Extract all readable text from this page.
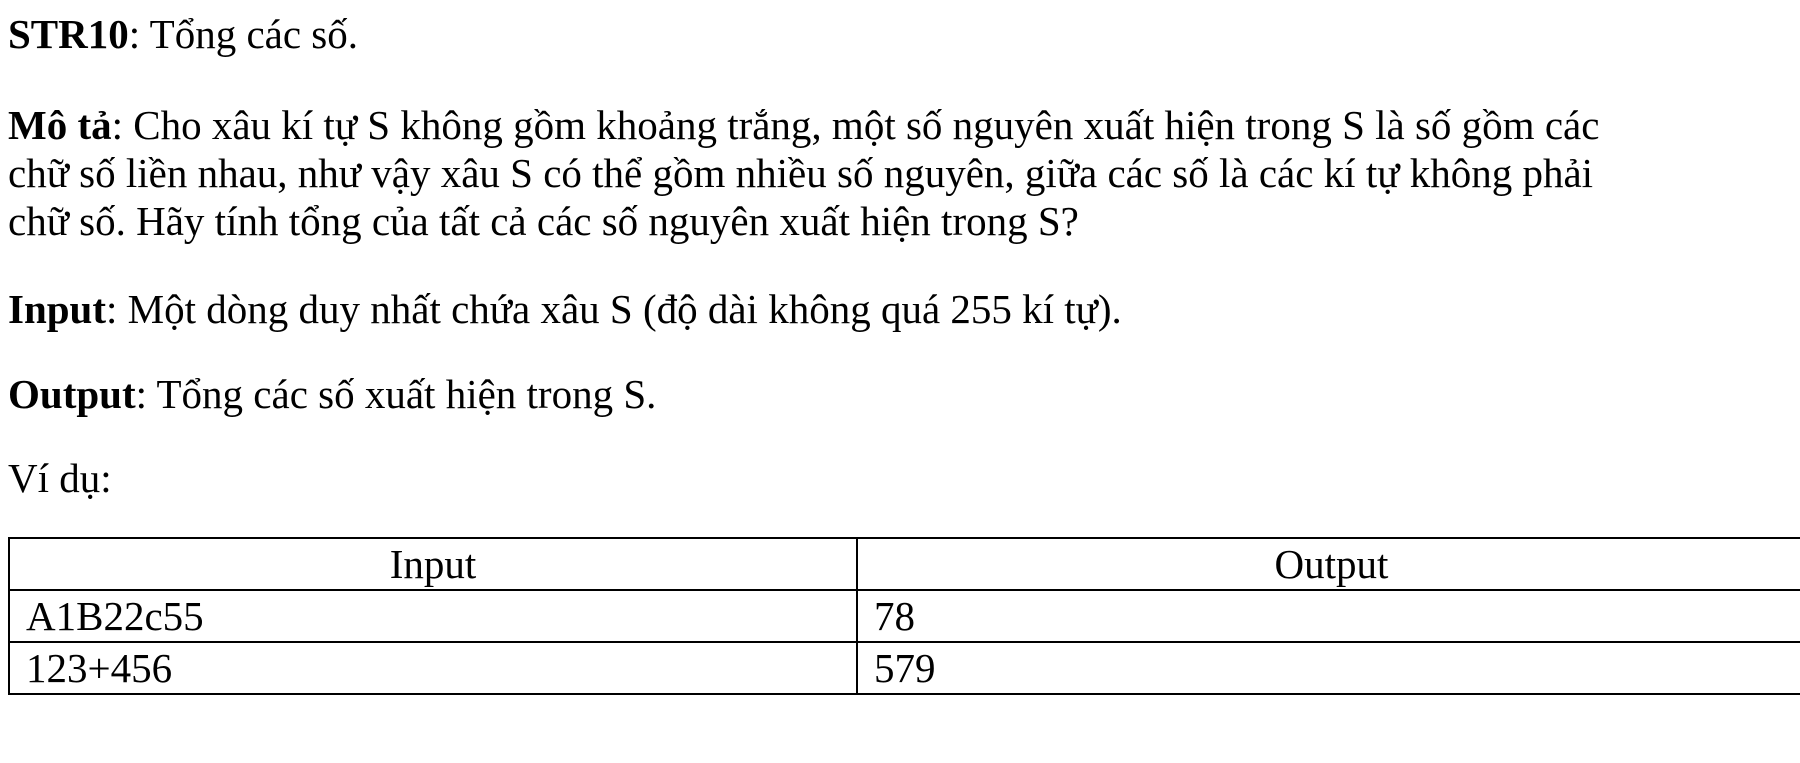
STR10: Tổng các số.

Mô tả: Cho xâu kí tự S không gồm khoảng trắng, một số nguyên xuất hiện trong S là số gồm các

chữ số liền nhau, như vậy xâu S có thể gồm nhiều số nguyên, giữa các số là các kí tự không phải

chữ số. Hãy tính tổng của tất cả các số nguyên xuất hiện trong S?

Input: Một dòng duy nhất chứa xâu S (độ dài không quá 255 kí tự).

Output: Tổng các số xuất hiện trong S.

Ví dụ:

Input	Output
A1B22c55	78
123+456	579
